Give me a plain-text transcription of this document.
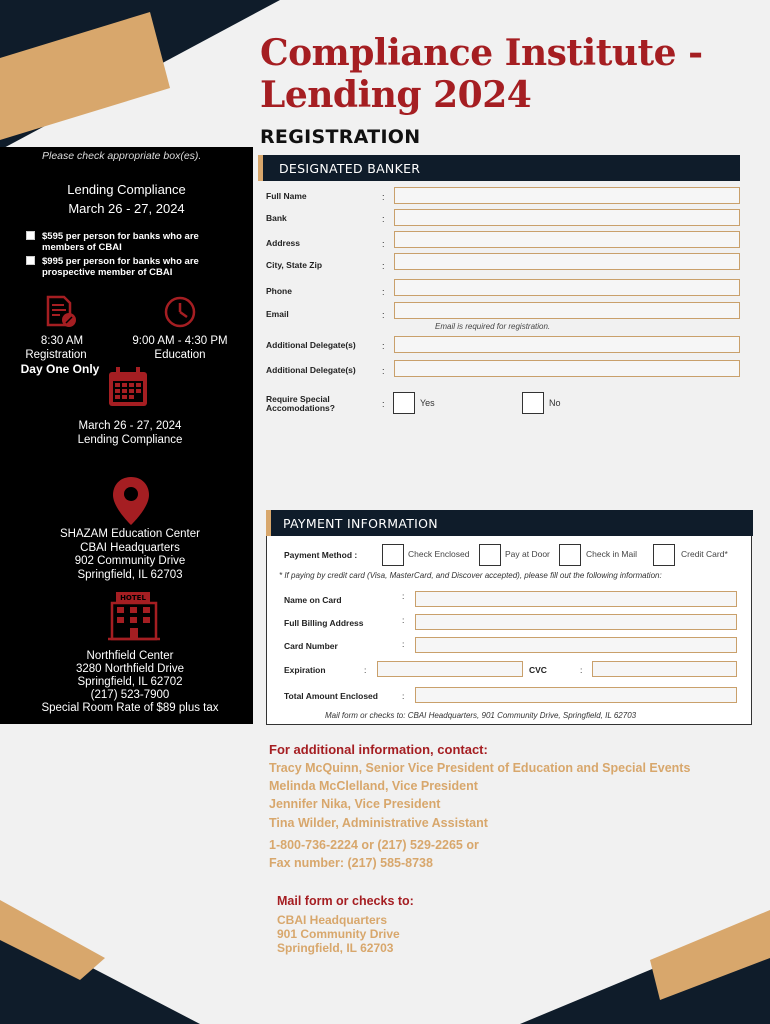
Compliance Institute - Lending 2024
REGISTRATION
Please check appropriate box(es).
Lending Compliance
March 26 - 27, 2024
$595 per person for banks who are members of CBAI
$995 per person for banks who are prospective member of CBAI
8:30 AM
Registration
Day One Only
9:00 AM - 4:30 PM
Education
March 26 - 27, 2024
Lending Compliance
SHAZAM Education Center
CBAI Headquarters
902 Community Drive
Springfield, IL 62703
HOTEL
Northfield Center
3280 Northfield Drive
Springfield, IL 62702
(217) 523-7900
Special Room Rate of $89 plus tax
DESIGNATED BANKER
Full Name	:
Bank	:
Address	:
City, State Zip	:
Phone	:
Email	:
Email is required for registration.
Additional Delegate(s)	:
Additional Delegate(s)	:
Require Special
Accomodations?	:	Yes	No
PAYMENT INFORMATION
Payment Method :	Check Enclosed	Pay at Door	Check in Mail	Credit Card*
* If paying by credit card (Visa, MasterCard, and Discover accepted), please fill out the following information:
Name on Card	:
Full Billing Address	:
Card Number	:
Expiration	:	CVC	:
Total Amount Enclosed	:
Mail form or checks to: CBAI Headquarters, 901 Community Drive, Springfield, IL 62703
For additional information, contact:
Tracy McQuinn, Senior Vice President of Education and Special Events
Melinda McClelland, Vice President
Jennifer Nika, Vice President
Tina Wilder, Administrative Assistant
1-800-736-2224 or (217) 529-2265 or
Fax number: (217) 585-8738
Mail form or checks to:
CBAI Headquarters
901 Community Drive
Springfield, IL 62703
